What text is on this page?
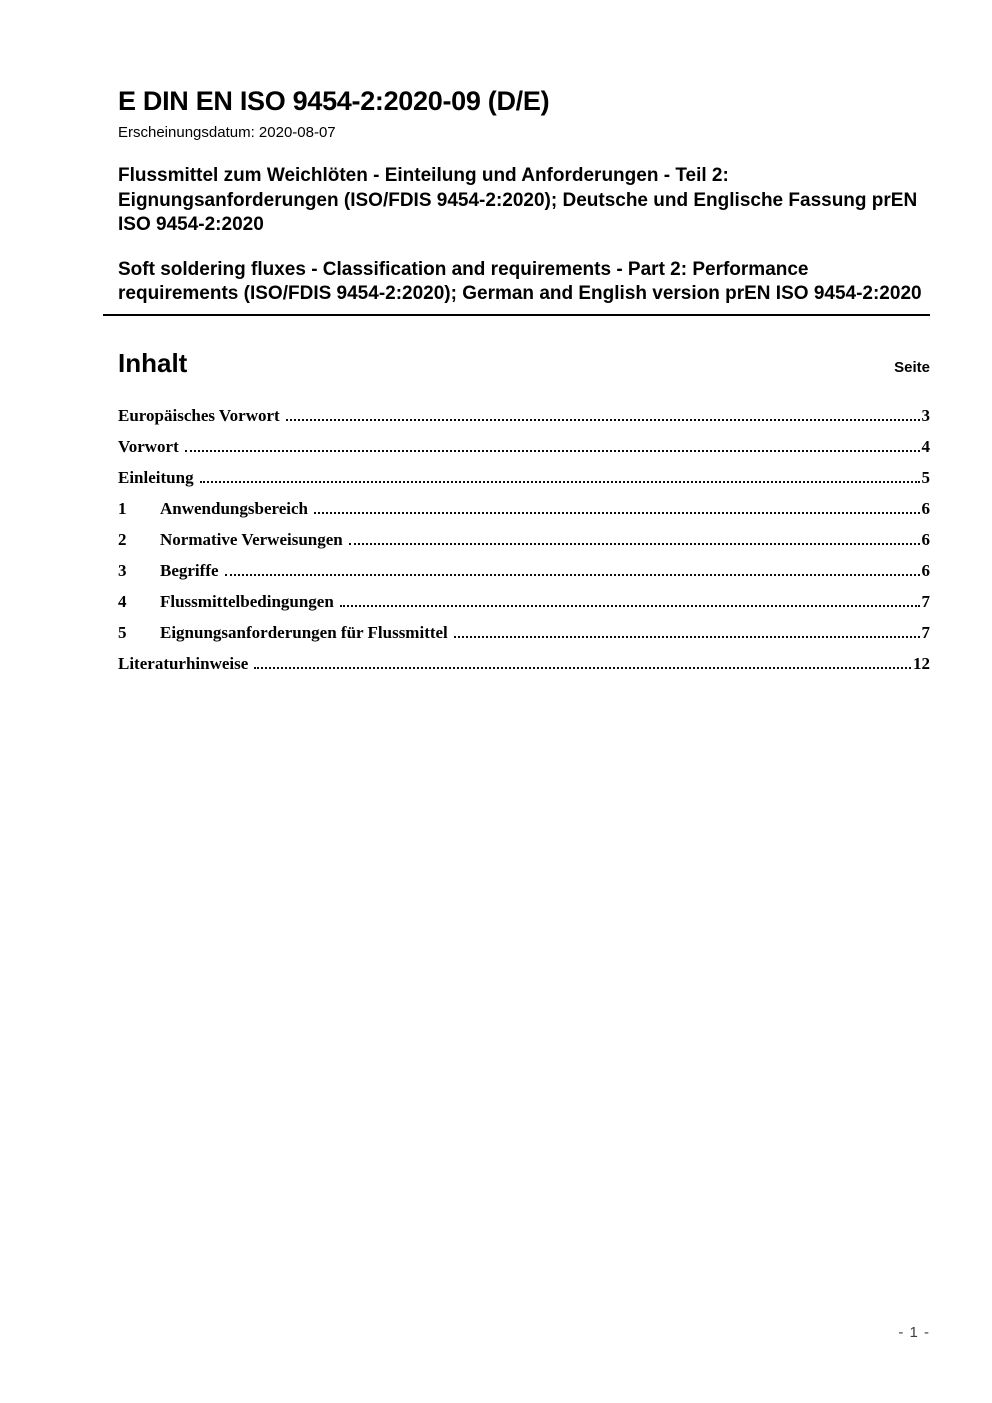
E DIN EN ISO 9454-2:2020-09 (D/E)

Erscheinungsdatum: 2020-08-07

Flussmittel zum Weichlöten - Einteilung und Anforderungen - Teil 2: Eignungsanforderungen (ISO/FDIS 9454-2:2020); Deutsche und Englische Fassung prEN ISO 9454-2:2020

Soft soldering fluxes - Classification and requirements - Part 2: Performance requirements (ISO/FDIS 9454-2:2020); German and English version prEN ISO 9454-2:2020

Inhalt	Seite
Europäisches Vorwort	3
Vorwort	4
Einleitung	5
1	Anwendungsbereich	6
2	Normative Verweisungen	6
3	Begriffe	6
4	Flussmittelbedingungen	7
5	Eignungsanforderungen für Flussmittel	7
Literaturhinweise	12
- 1 -
